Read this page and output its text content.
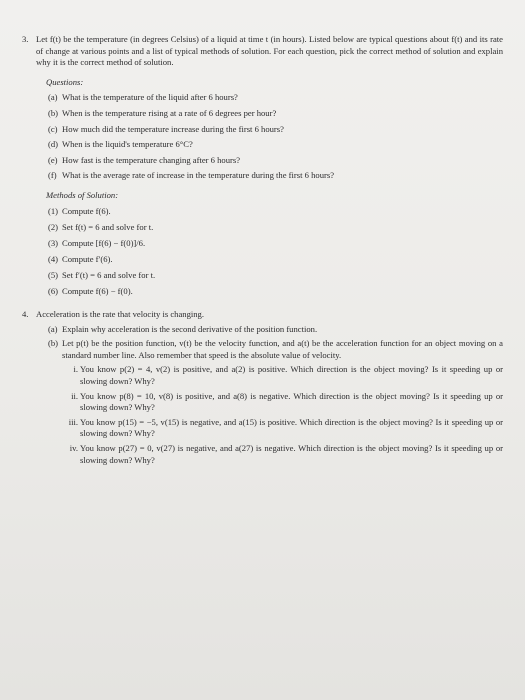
3. Let f(t) be the temperature (in degrees Celsius) of a liquid at time t (in hours). Listed below are typical questions about f(t) and its rate of change at various points and a list of typical methods of solution. For each question, pick the correct method of solution and explain why it is the correct method of solution.

Questions:
(a) What is the temperature of the liquid after 6 hours?
(b) When is the temperature rising at a rate of 6 degrees per hour?
(c) How much did the temperature increase during the first 6 hours?
(d) When is the liquid's temperature 6°C?
(e) How fast is the temperature changing after 6 hours?
(f) What is the average rate of increase in the temperature during the first 6 hours?
Methods of Solution:
(1) Compute f(6).
(2) Set f(t) = 6 and solve for t.
(3) Compute [f(6) − f(0)]/6.
(4) Compute f′(6).
(5) Set f′(t) = 6 and solve for t.
(6) Compute f(6) − f(0).
4. Acceleration is the rate that velocity is changing.

(a) Explain why acceleration is the second derivative of the position function.
(b) Let p(t) be the position function, v(t) be the velocity function, and a(t) be the acceleration function for an object moving on a standard number line. Also remember that speed is the absolute value of velocity.
i. You know p(2) = 4, v(2) is positive, and a(2) is positive. Which direction is the object moving? Is it speeding up or slowing down? Why?
ii. You know p(8) = 10, v(8) is positive, and a(8) is negative. Which direction is the object moving? Is it speeding up or slowing down? Why?
iii. You know p(15) = −5, v(15) is negative, and a(15) is positive. Which direction is the object moving? Is it speeding up or slowing down? Why?
iv. You know p(27) = 0, v(27) is negative, and a(27) is negative. Which direction is the object moving? Is it speeding up or slowing down? Why?
